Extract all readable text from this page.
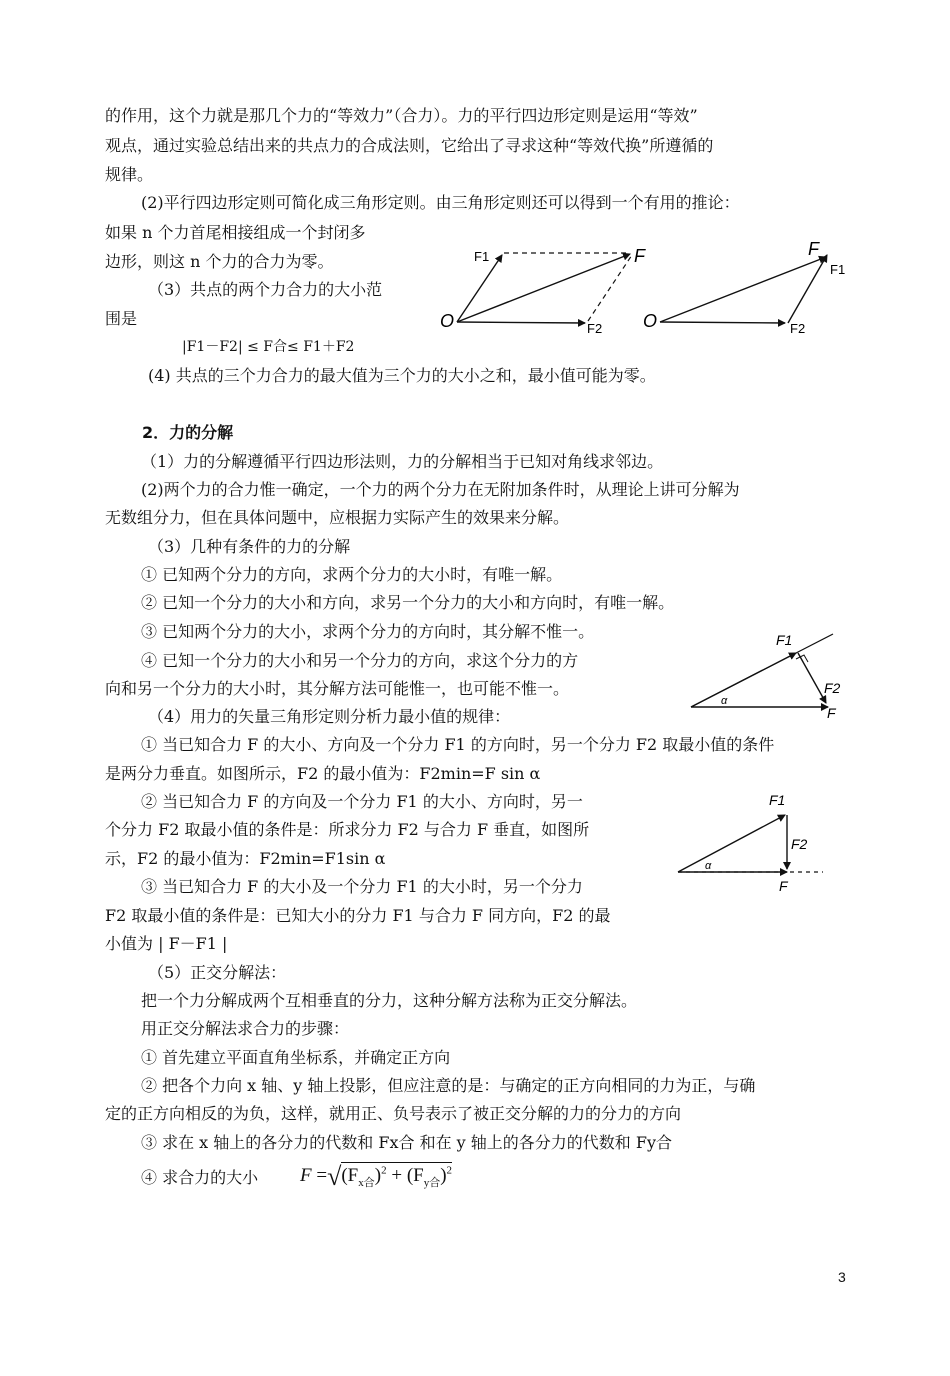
的作用，这个力就是那几个力的“等效力”（合力）。力的平行四边形定则是运用“等效”
观点，通过实验总结出来的共点力的合成法则，它给出了寻求这种“等效代换”所遵循的
规律。
(2)平行四边形定则可简化成三角形定则。由三角形定则还可以得到一个有用的推论：
如果 n 个力首尾相接组成一个封闭多
边形，则这 n 个力的合力为零。
（3）共点的两个力合力的大小范
围是
|F1－F2| ≤ F合≤ F1＋F2
(4) 共点的三个力合力的最大值为三个力的大小之和，最小值可能为零。
2．力的分解
（1）力的分解遵循平行四边形法则，力的分解相当于已知对角线求邻边。
(2)两个力的合力惟一确定，一个力的两个分力在无附加条件时，从理论上讲可分解为
无数组分力，但在具体问题中，应根据力实际产生的效果来分解。
（3）几种有条件的力的分解
① 已知两个分力的方向，求两个分力的大小时，有唯一解。
② 已知一个分力的大小和方向，求另一个分力的大小和方向时，有唯一解。
③ 已知两个分力的大小，求两个分力的方向时，其分解不惟一。
④ 已知一个分力的大小和另一个分力的方向，求这个分力的方
向和另一个分力的大小时，其分解方法可能惟一，也可能不惟一。
（4）用力的矢量三角形定则分析力最小值的规律：
① 当已知合力 F 的大小、方向及一个分力 F1 的方向时，另一个分力 F2 取最小值的条件
是两分力垂直。如图所示，F2 的最小值为：F2min=F sin α
② 当已知合力 F 的方向及一个分力 F1 的大小、方向时，另一
个分力 F2 取最小值的条件是：所求分力 F2 与合力 F 垂直，如图所
示，F2 的最小值为：F2min=F1sin α
③ 当已知合力 F 的大小及一个分力 F1 的大小时，另一个分力
F2 取最小值的条件是：已知大小的分力 F1 与合力 F 同方向，F2 的最
小值为 | F－F1 |
（5）正交分解法：
把一个力分解成两个互相垂直的分力，这种分解方法称为正交分解法。
用正交分解法求合力的步骤：
① 首先建立平面直角坐标系，并确定正方向
② 把各个力向 x 轴、y 轴上投影，但应注意的是：与确定的正方向相同的力为正，与确
定的正方向相反的为负，这样，就用正、负号表示了被正交分解的力的分力的方向
③ 求在 x 轴上的各分力的代数和 Fx合 和在 y 轴上的各分力的代数和 Fy合
④ 求合力的大小 $F =√(F_{x合})^2 + (F_{y合})^2$
O
F1	F
F2 O
F
F1
F2
α
F1
F2
F
α
F1
F2
F
3
